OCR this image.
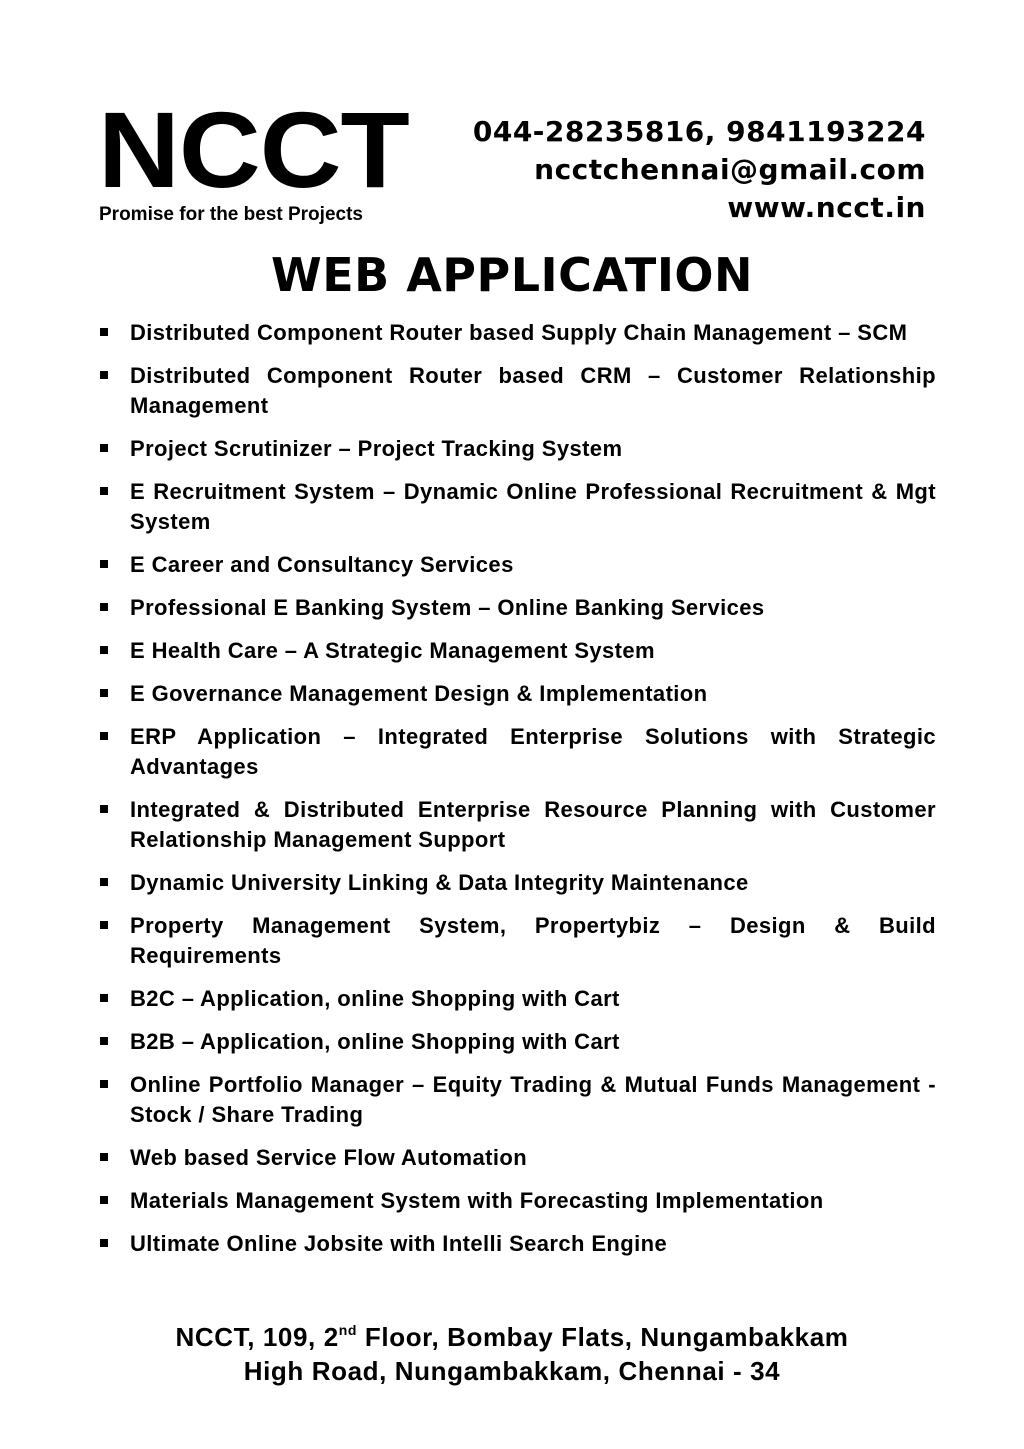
NCCT
Promise for the best Projects
044-28235816, 9841193224
ncctchennai@gmail.com
www.ncct.in
WEB APPLICATION
Distributed Component Router based Supply Chain Management – SCM
Distributed Component Router based CRM – Customer Relationship Management
Project Scrutinizer – Project Tracking System
E Recruitment System – Dynamic Online Professional Recruitment & Mgt System
E Career and Consultancy Services
Professional E Banking System – Online Banking Services
E Health Care – A Strategic Management System
E Governance Management Design & Implementation
ERP Application – Integrated Enterprise Solutions with Strategic Advantages
Integrated & Distributed Enterprise Resource Planning with Customer Relationship Management Support
Dynamic University Linking & Data Integrity Maintenance
Property Management System, Propertybiz – Design & Build Requirements
B2C – Application, online Shopping with Cart
B2B – Application, online Shopping with Cart
Online Portfolio Manager – Equity Trading & Mutual Funds Management - Stock / Share Trading
Web based Service Flow Automation
Materials Management System with Forecasting Implementation
Ultimate Online Jobsite with Intelli Search Engine
NCCT, 109, 2nd Floor, Bombay Flats, Nungambakkam
High Road, Nungambakkam, Chennai - 34
